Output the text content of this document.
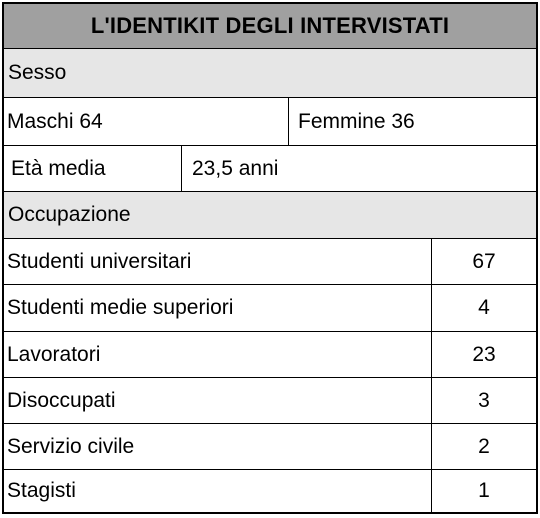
L'IDENTIKIT DEGLI INTERVISTATI
Sesso
Maschi 64	Femmine 36
Età media	23,5 anni
Occupazione
Studenti universitari	67
Studenti medie superiori	4
Lavoratori	23
Disoccupati	3
Servizio civile	2
Stagisti	1
